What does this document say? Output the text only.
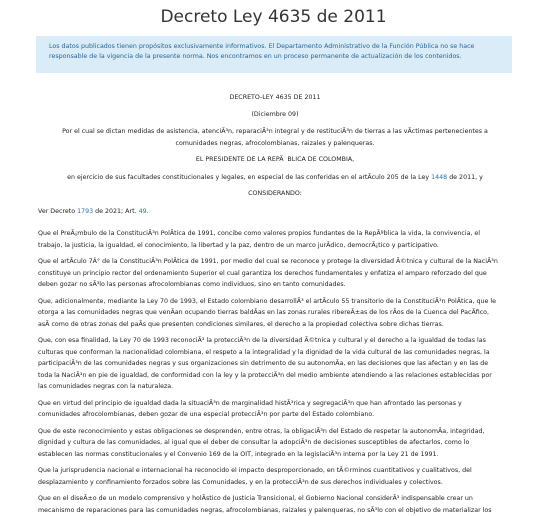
Decreto Ley 4635 de 2011
Los datos publicados tienen propósitos exclusivamente informativos. El Departamento Administrativo de la Función Pública no se hace
responsable de la vigencia de la presente norma. Nos encontramos en un proceso permanente de actualización de los contenidos.
DECRETO-LEY 4635 DE 2011
(Diciembre 09)
Por el cual se dictan medidas de asistencia, atenciÃ³n, reparaciÃ³n integral y de restituciÃ³n de tierras a las vÃctimas pertenecientes a
comunidades negras, afrocolombianas, raizales y palenqueras.
EL PRESIDENTE DE LA REPÃBLICA DE COLOMBIA,
en ejercicio de sus facultades constitucionales y legales, en especial de las conferidas en el artÃculo 205 de la Ley 1448 de 2011, y
CONSIDERANDO:
Ver Decreto 1793 de 2021; Art. 49.
Que el PreÃ¡mbulo de la ConstituciÃ³n PolÃtica de 1991, concibe como valores propios fundantes de la RepÃºblica la vida, la convivencia, el
trabajo, la justicia, la igualdad, el conocimiento, la libertad y la paz, dentro de un marco jurÃdico, democrÃ¡tico y participativo.
Que el artÃculo 7Â° de la ConstituciÃ³n PolÃtica de 1991, por medio del cual se reconoce y protege la diversidad Ã©tnica y cultural de la NaciÃ³n
constituye un principio rector del ordenamiento Superior el cual garantiza los derechos fundamentales y enfatiza el amparo reforzado del que
deben gozar no sÃ³lo las personas afrocolombianas como individuos, sino en tanto comunidades.
Que, adicionalmente, mediante la Ley 70 de 1993, el Estado colombiano desarrollÃ³ el artÃculo 55 transitorio de la ConstituciÃ³n PolÃtica, que le
otorga a las comunidades negras que venÃan ocupando tierras baldÃas en las zonas rurales ribereÃ±as de los rÃos de la Cuenca del PacÃfico,
asÃ como de otras zonas del paÃs que presenten condiciones similares, el derecho a la propiedad colectiva sobre dichas tierras.
Que, con esa finalidad, la Ley 70 de 1993 reconociÃ³ la protecciÃ³n de la diversidad Ã©tnica y cultural y el derecho a la igualdad de todas las
culturas que conforman la nacionalidad colombiana, el respeto a la integralidad y la dignidad de la vida cultural de las comunidades negras, la
participaciÃ³n de las comunidades negras y sus organizaciones sin detrimento de su autonomÃa, en las decisiones que las afectan y en las de
toda la NaciÃ³n en pie de igualdad, de conformidad con la ley y la protecciÃ³n del medio ambiente atendiendo a las relaciones establecidas por
las comunidades negras con la naturaleza.
Que en virtud del principio de igualdad dada la situaciÃ³n de marginalidad histÃ³rica y segregaciÃ³n que han afrontado las personas y
comunidades afrocolombianas, deben gozar de una especial protecciÃ³n por parte del Estado colombiano.
Que de este reconocimiento y estas obligaciones se desprenden, entre otras, la obligaciÃ³n del Estado de respetar la autonomÃa, integridad,
dignidad y cultura de las comunidades, al igual que el deber de consultar la adopciÃ³n de decisiones susceptibles de afectarlos, como lo
establecen las normas constitucionales y el Convenio 169 de la OIT, integrado en la legislaciÃ³n interna por la Ley 21 de 1991.
Que la jurisprudencia nacional e internacional ha reconocido el impacto desproporcionado, en tÃ©rminos cuantitativos y cualitativos, del
desplazamiento y confinamiento forzados sobre las Comunidades, y en la protecciÃ³n de sus derechos individuales y colectivos.
Que en el diseÃ±o de un modelo comprensivo y holÃstico de Justicia Transicional, el Gobierno Nacional considerÃ³ indispensable crear un
mecanismo de reparaciones para las comunidades negras, afrocolombianas, raizales y palenqueras, no sÃ³lo con el objetivo de materializar los
